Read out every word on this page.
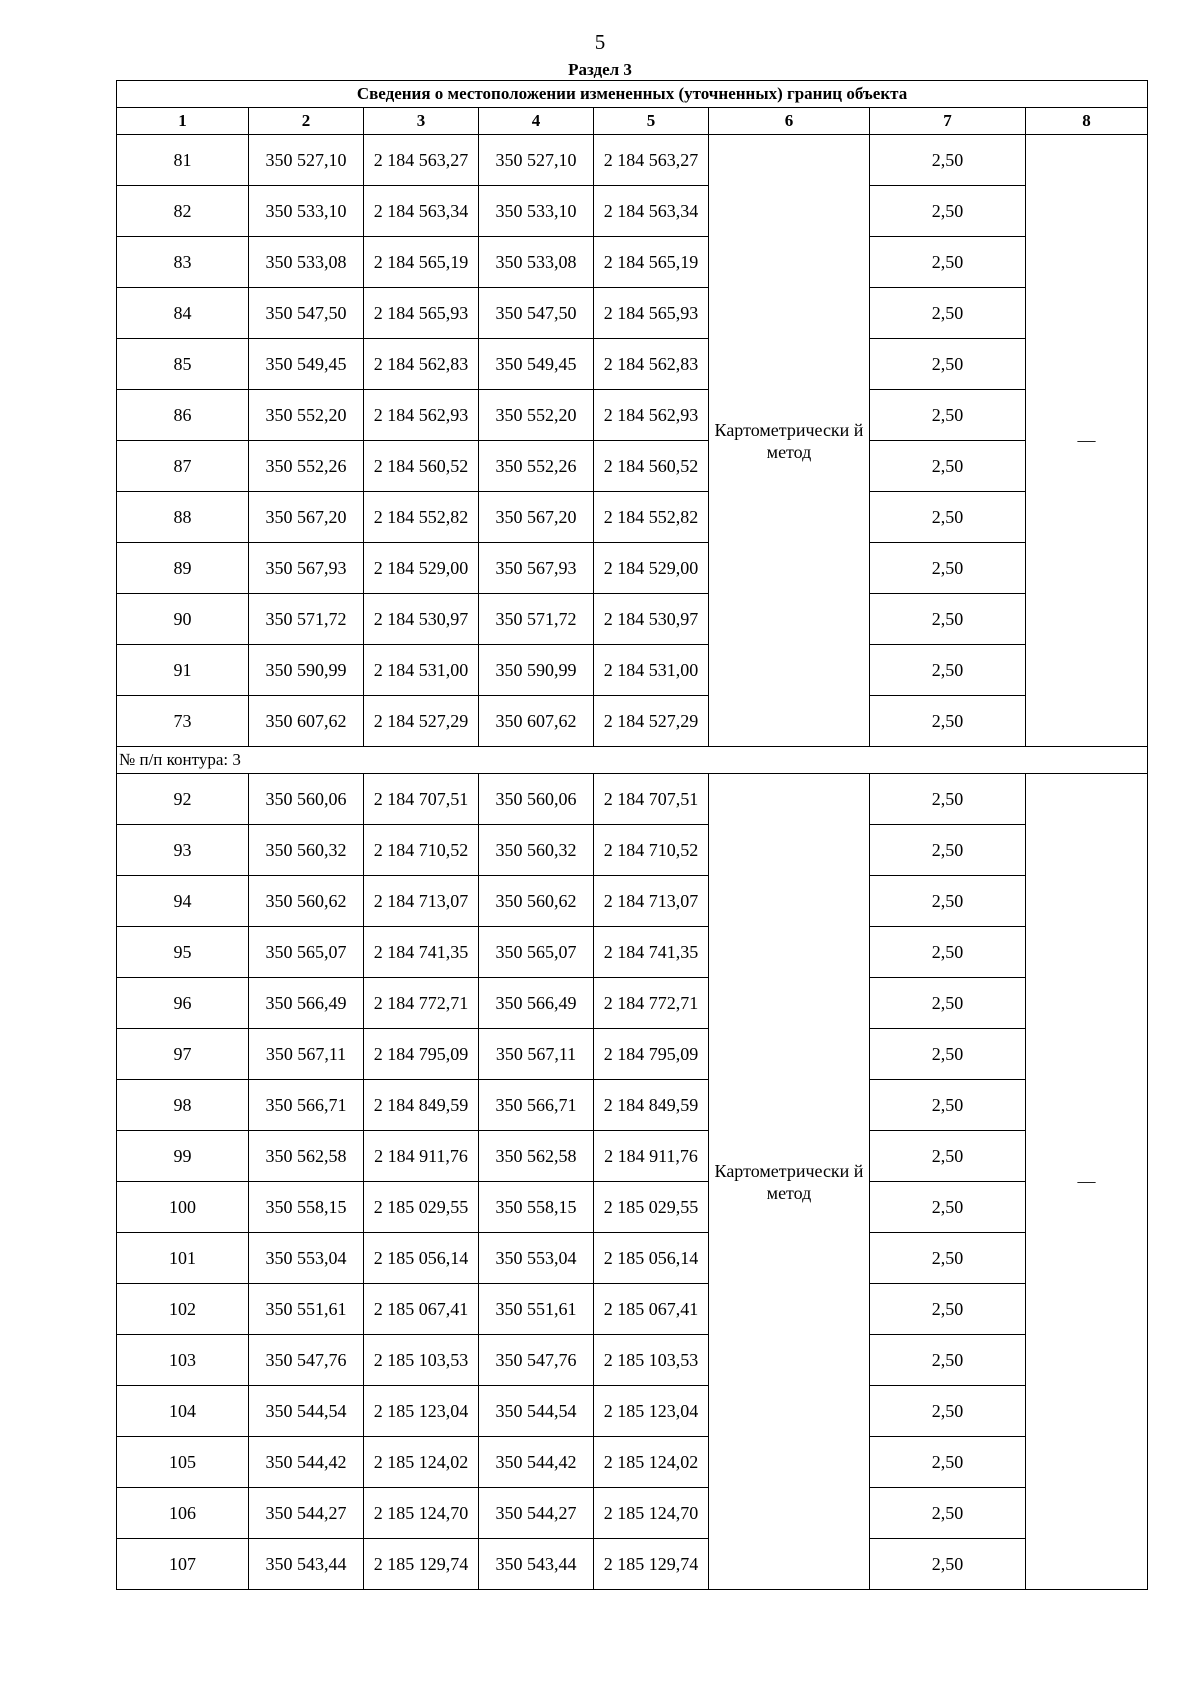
5
Раздел 3
Сведения о местоположении измененных (уточненных) границ объекта							
1	2	3	4	5	6	7	8
81	350 527,10	2 184 563,27	350 527,10	2 184 563,27	Картометрически й метод	2,50	—
82	350 533,10	2 184 563,34	350 533,10	2 184 563,34		2,50	
83	350 533,08	2 184 565,19	350 533,08	2 184 565,19		2,50	
84	350 547,50	2 184 565,93	350 547,50	2 184 565,93		2,50	
85	350 549,45	2 184 562,83	350 549,45	2 184 562,83		2,50	
86	350 552,20	2 184 562,93	350 552,20	2 184 562,93		2,50	
87	350 552,26	2 184 560,52	350 552,26	2 184 560,52		2,50	
88	350 567,20	2 184 552,82	350 567,20	2 184 552,82		2,50	
89	350 567,93	2 184 529,00	350 567,93	2 184 529,00		2,50	
90	350 571,72	2 184 530,97	350 571,72	2 184 530,97		2,50	
91	350 590,99	2 184 531,00	350 590,99	2 184 531,00		2,50	
73	350 607,62	2 184 527,29	350 607,62	2 184 527,29		2,50	
№ п/п контура: 3							
92	350 560,06	2 184 707,51	350 560,06	2 184 707,51	Картометрически й метод	2,50	—
93	350 560,32	2 184 710,52	350 560,32	2 184 710,52		2,50	
94	350 560,62	2 184 713,07	350 560,62	2 184 713,07		2,50	
95	350 565,07	2 184 741,35	350 565,07	2 184 741,35		2,50	
96	350 566,49	2 184 772,71	350 566,49	2 184 772,71		2,50	
97	350 567,11	2 184 795,09	350 567,11	2 184 795,09		2,50	
98	350 566,71	2 184 849,59	350 566,71	2 184 849,59		2,50	
99	350 562,58	2 184 911,76	350 562,58	2 184 911,76		2,50	
100	350 558,15	2 185 029,55	350 558,15	2 185 029,55		2,50	
101	350 553,04	2 185 056,14	350 553,04	2 185 056,14		2,50	
102	350 551,61	2 185 067,41	350 551,61	2 185 067,41		2,50	
103	350 547,76	2 185 103,53	350 547,76	2 185 103,53		2,50	
104	350 544,54	2 185 123,04	350 544,54	2 185 123,04		2,50	
105	350 544,42	2 185 124,02	350 544,42	2 185 124,02		2,50	
106	350 544,27	2 185 124,70	350 544,27	2 185 124,70		2,50	
107	350 543,44	2 185 129,74	350 543,44	2 185 129,74		2,50	
